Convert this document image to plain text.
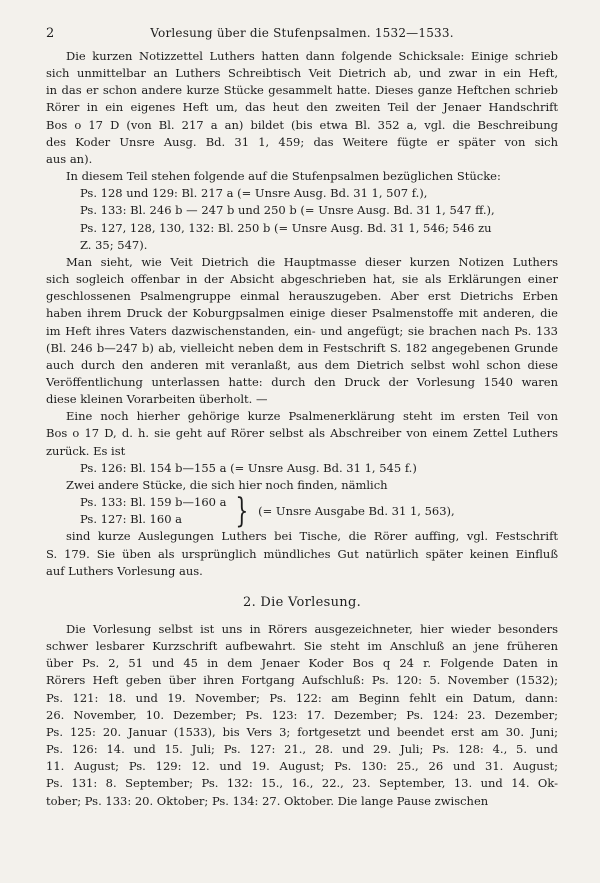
2	Vorlesung über die Stufenpsalmen. 1532—1533.

Die kurzen Notizzettel Luthers hatten dann folgende Schicksale: Einige schrieb
sich unmittelbar an Luthers Schreibtisch Veit Dietrich ab, und zwar in ein Heft,
in das er schon andere kurze Stücke gesammelt hatte. Dieses ganze Heftchen schrieb
Rörer in ein eigenes Heft um, das heut den zweiten Teil der Jenaer Handschrift
Bos o 17 D (von Bl. 217 a an) bildet (bis etwa Bl. 352 a, vgl. die Beschreibung
des Koder Unsre Ausg. Bd. 31 1, 459; das Weitere fügte er später von sich
aus an).

In diesem Teil stehen folgende auf die Stufenpsalmen bezüglichen Stücke:

Ps. 128 und 129: Bl. 217 a (= Unsre Ausg. Bd. 31 1, 507 f.),
Ps. 133: Bl. 246 b — 247 b und 250 b (= Unsre Ausg. Bd. 31 1, 547 ff.),
Ps. 127, 128, 130, 132: Bl. 250 b (= Unsre Ausg. Bd. 31 1, 546; 546 zu
Z. 35; 547).

Man sieht, wie Veit Dietrich die Hauptmasse dieser kurzen Notizen Luthers
sich sogleich offenbar in der Absicht abgeschrieben hat, sie als Erklärungen einer
geschlossenen Psalmengruppe einmal herauszugeben. Aber erst Dietrichs Erben
haben ihrem Druck der Koburgpsalmen einige dieser Psalmenstoffe mit anderen, die
im Heft ihres Vaters dazwischenstanden, ein- und angefügt; sie brachen nach Ps. 133
(Bl. 246 b—247 b) ab, vielleicht neben dem in Festschrift S. 182 angegebenen Grunde
auch durch den anderen mit veranlaßt, aus dem Dietrich selbst wohl schon diese
Veröffentlichung unterlassen hatte: durch den Druck der Vorlesung 1540 waren
diese kleinen Vorarbeiten überholt. —

Eine noch hierher gehörige kurze Psalmenerklärung steht im ersten Teil von
Bos o 17 D, d. h. sie geht auf Rörer selbst als Abschreiber von einem Zettel Luthers
zurück. Es ist

Ps. 126: Bl. 154 b—155 a (= Unsre Ausg. Bd. 31 1, 545 f.)

Zwei andere Stücke, die sich hier noch finden, nämlich

Ps. 133: Bl. 159 b—160 a
Ps. 127: Bl. 160 a	} (= Unsre Ausgabe Bd. 31 1, 563),

sind kurze Auslegungen Luthers bei Tische, die Rörer auffing, vgl. Festschrift
S. 179. Sie üben als ursprünglich mündliches Gut natürlich später keinen Einfluß
auf Luthers Vorlesung aus.

2. Die Vorlesung.

Die Vorlesung selbst ist uns in Rörers ausgezeichneter, hier wieder besonders
schwer lesbarer Kurzschrift aufbewahrt. Sie steht im Anschluß an jene früheren
über Ps. 2, 51 und 45 in dem Jenaer Koder Bos q 24 r. Folgende Daten in
Rörers Heft geben über ihren Fortgang Aufschluß: Ps. 120: 5. November (1532);
Ps. 121: 18. und 19. November; Ps. 122: am Beginn fehlt ein Datum, dann:
26. November, 10. Dezember; Ps. 123: 17. Dezember; Ps. 124: 23. Dezember;
Ps. 125: 20. Januar (1533), bis Vers 3; fortgesetzt und beendet erst am 30. Juni;
Ps. 126: 14. und 15. Juli; Ps. 127: 21., 28. und 29. Juli; Ps. 128: 4., 5. und
11. August; Ps. 129: 12. und 19. August; Ps. 130: 25., 26 und 31. August;
Ps. 131: 8. September; Ps. 132: 15., 16., 22., 23. September, 13. und 14. Ok-
tober; Ps. 133: 20. Oktober; Ps. 134: 27. Oktober. Die lange Pause zwischen
